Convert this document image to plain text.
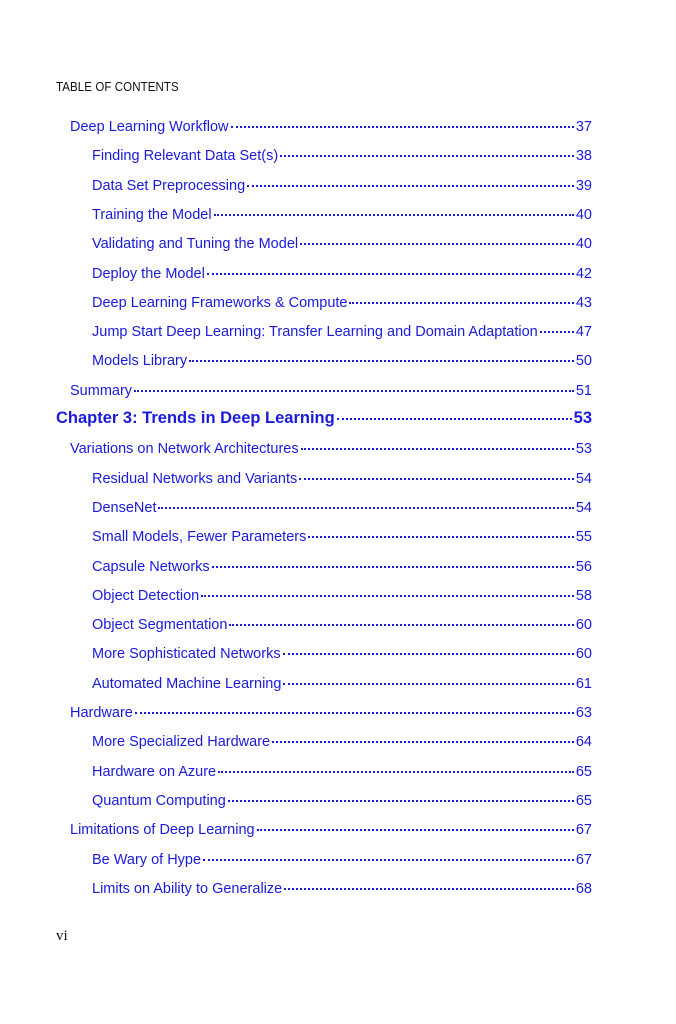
TABLE OF CONTENTS
Deep Learning Workflow	37
Finding Relevant Data Set(s)	38
Data Set Preprocessing	39
Training the Model	40
Validating and Tuning the Model	40
Deploy the Model	42
Deep Learning Frameworks & Compute	43
Jump Start Deep Learning: Transfer Learning and Domain Adaptation	47
Models Library	50
Summary	51
Chapter 3: Trends in Deep Learning	53
Variations on Network Architectures	53
Residual Networks and Variants	54
DenseNet	54
Small Models, Fewer Parameters	55
Capsule Networks	56
Object Detection	58
Object Segmentation	60
More Sophisticated Networks	60
Automated Machine Learning	61
Hardware	63
More Specialized Hardware	64
Hardware on Azure	65
Quantum Computing	65
Limitations of Deep Learning	67
Be Wary of Hype	67
Limits on Ability to Generalize	68
vi
